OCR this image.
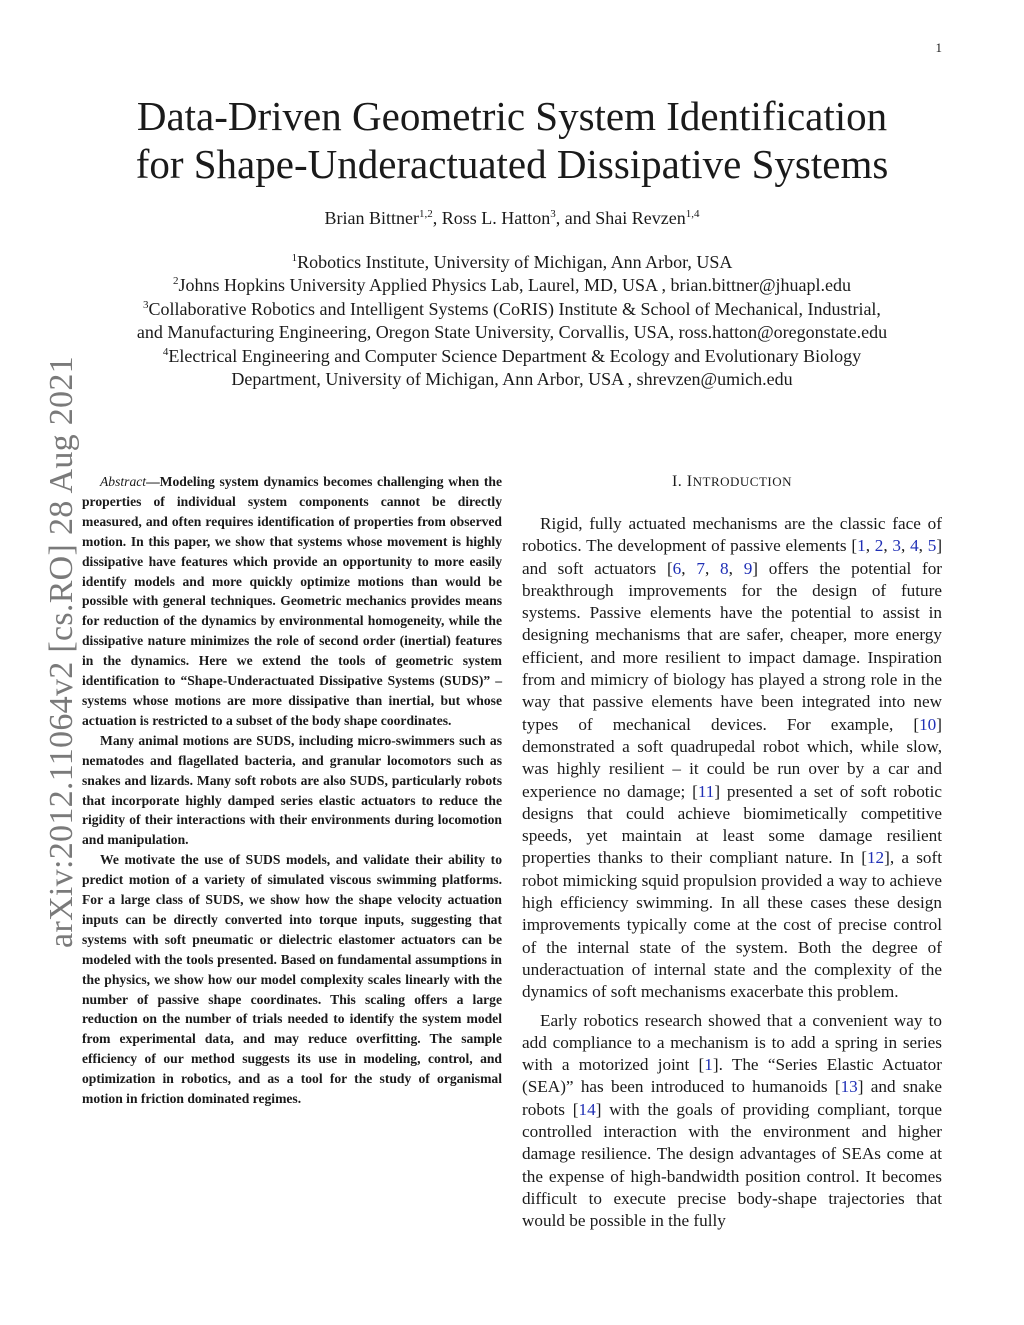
1
arXiv:2012.11064v2 [cs.RO] 28 Aug 2021
Data-Driven Geometric System Identification
for Shape-Underactuated Dissipative Systems
Brian Bittner$^{1,2}$, Ross L. Hatton$^3$, and Shai Revzen$^{1,4}$
$^1$Robotics Institute, University of Michigan, Ann Arbor, USA
$^2$Johns Hopkins University Applied Physics Lab, Laurel, MD, USA , brian.bittner@jhuapl.edu
$^3$Collaborative Robotics and Intelligent Systems (CoRIS) Institute & School of Mechanical, Industrial,
and Manufacturing Engineering, Oregon State University, Corvallis, USA, ross.hatton@oregonstate.edu
$^4$Electrical Engineering and Computer Science Department & Ecology and Evolutionary Biology
Department, University of Michigan, Ann Arbor, USA , shrevzen@umich.edu

Abstract—Modeling system dynamics becomes challenging when the properties of individual system components cannot be directly measured, and often requires identification of properties from observed motion. In this paper, we show that systems whose movement is highly dissipative have features which provide an opportunity to more easily identify models and more quickly optimize motions than would be possible with general techniques. Geometric mechanics provides means for reduction of the dynamics by environmental homogeneity, while the dissipative nature minimizes the role of second order (inertial) features in the dynamics. Here we extend the tools of geometric system identification to “Shape-Underactuated Dissipative Systems (SUDS)” – systems whose motions are more dissipative than inertial, but whose actuation is restricted to a subset of the body shape coordinates.

Many animal motions are SUDS, including micro-swimmers such as nematodes and flagellated bacteria, and granular locomotors such as snakes and lizards. Many soft robots are also SUDS, particularly robots that incorporate highly damped series elastic actuators to reduce the rigidity of their interactions with their environments during locomotion and manipulation.

We motivate the use of SUDS models, and validate their ability to predict motion of a variety of simulated viscous swimming platforms. For a large class of SUDS, we show how the shape velocity actuation inputs can be directly converted into torque inputs, suggesting that systems with soft pneumatic or dielectric elastomer actuators can be modeled with the tools presented. Based on fundamental assumptions in the physics, we show how our model complexity scales linearly with the number of passive shape coordinates. This scaling offers a large reduction on the number of trials needed to identify the system model from experimental data, and may reduce overfitting. The sample efficiency of our method suggests its use in modeling, control, and optimization in robotics, and as a tool for the study of organismal motion in friction dominated regimes.

I. INTRODUCTION

Rigid, fully actuated mechanisms are the classic face of robotics. The development of passive elements [1, 2, 3, 4, 5] and soft actuators [6, 7, 8, 9] offers the potential for breakthrough improvements for the design of future systems. Passive elements have the potential to assist in designing mechanisms that are safer, cheaper, more energy efficient, and more resilient to impact damage. Inspiration from and mimicry of biology has played a strong role in the way that passive elements have been integrated into new types of mechanical devices. For example, [10] demonstrated a soft quadrupedal robot which, while slow, was highly resilient – it could be run over by a car and experience no damage; [11] presented a set of soft robotic designs that could achieve biomimetically competitive speeds, yet maintain at least some damage resilient properties thanks to their compliant nature. In [12], a soft robot mimicking squid propulsion provided a way to achieve high efficiency swimming. In all these cases these design improvements typically come at the cost of precise control of the internal state of the system. Both the degree of underactuation of internal state and the complexity of the dynamics of soft mechanisms exacerbate this problem.

Early robotics research showed that a convenient way to add compliance to a mechanism is to add a spring in series with a motorized joint [1]. The “Series Elastic Actuator (SEA)” has been introduced to humanoids [13] and snake robots [14] with the goals of providing compliant, torque controlled interaction with the environment and higher damage resilience. The design advantages of SEAs come at the expense of high-bandwidth position control. It becomes difficult to execute precise body-shape trajectories that would be possible in the fully
